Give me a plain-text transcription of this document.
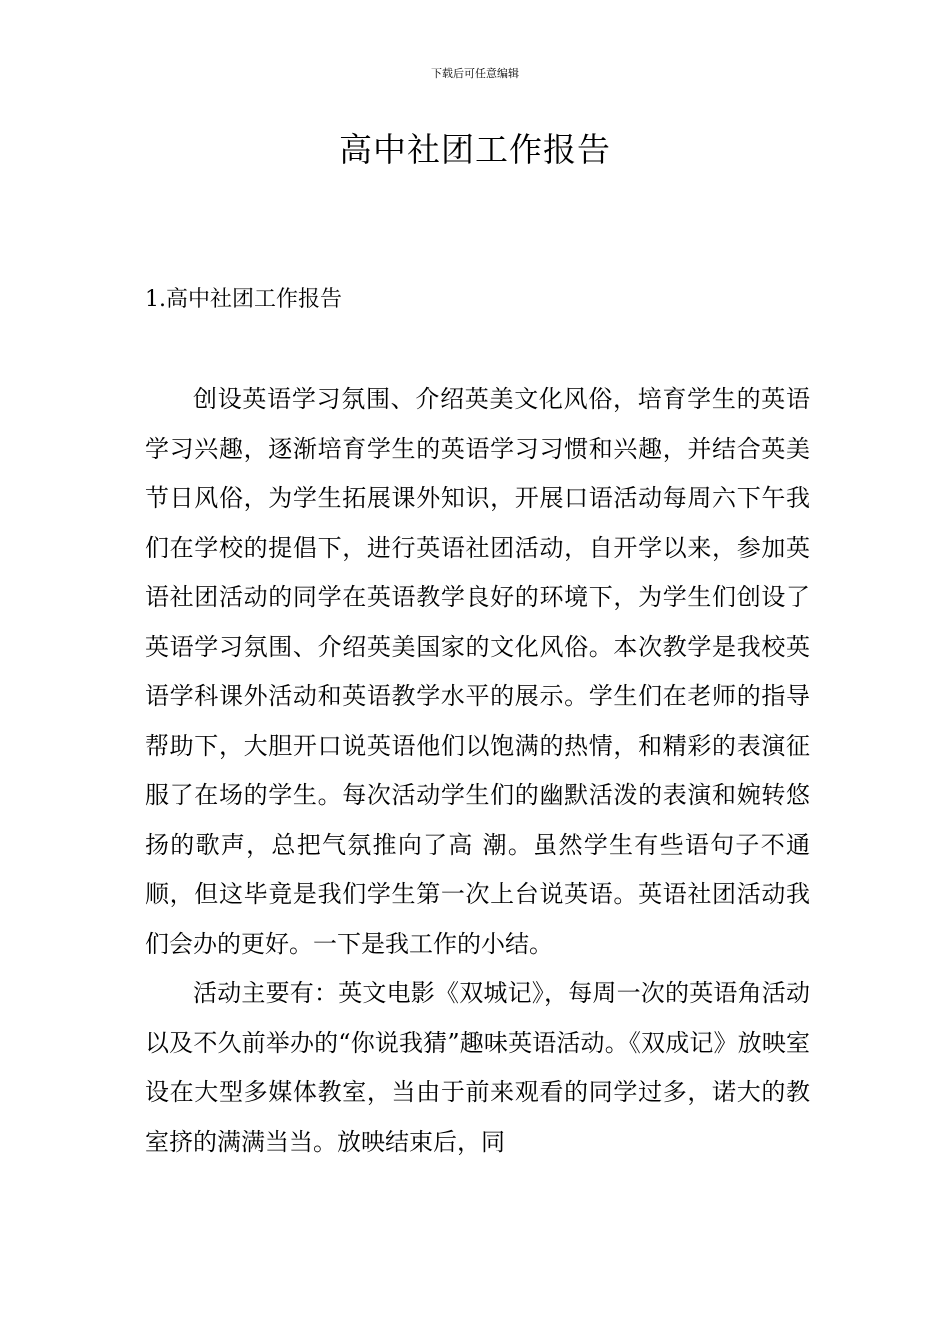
下载后可任意编辑
高中社团工作报告
1.高中社团工作报告

创设英语学习氛围、介绍英美文化风俗，培育学生的英语学习兴趣，逐渐培育学生的英语学习习惯和兴趣，并结合英美节日风俗，为学生拓展课外知识，开展口语活动每周六下午我们在学校的提倡下，进行英语社团活动，自开学以来，参加英语社团活动的同学在英语教学良好的环境下，为学生们创设了英语学习氛围、介绍英美国家的文化风俗。本次教学是我校英语学科课外活动和英语教学水平的展示。学生们在老师的指导帮助下，大胆开口说英语他们以饱满的热情，和精彩的表演征服了在场的学生。每次活动学生们的幽默活泼的表演和婉转悠扬的歌声，总把气氛推向了高 潮。虽然学生有些语句子不通顺，但这毕竟是我们学生第一次上台说英语。英语社团活动我们会办的更好。一下是我工作的小结。

活动主要有：英文电影《双城记》，每周一次的英语角活动以及不久前举办的“你说我猜”趣味英语活动。《双成记》放映室设在大型多媒体教室，当由于前来观看的同学过多，诺大的教室挤的满满当当。放映结束后，同
